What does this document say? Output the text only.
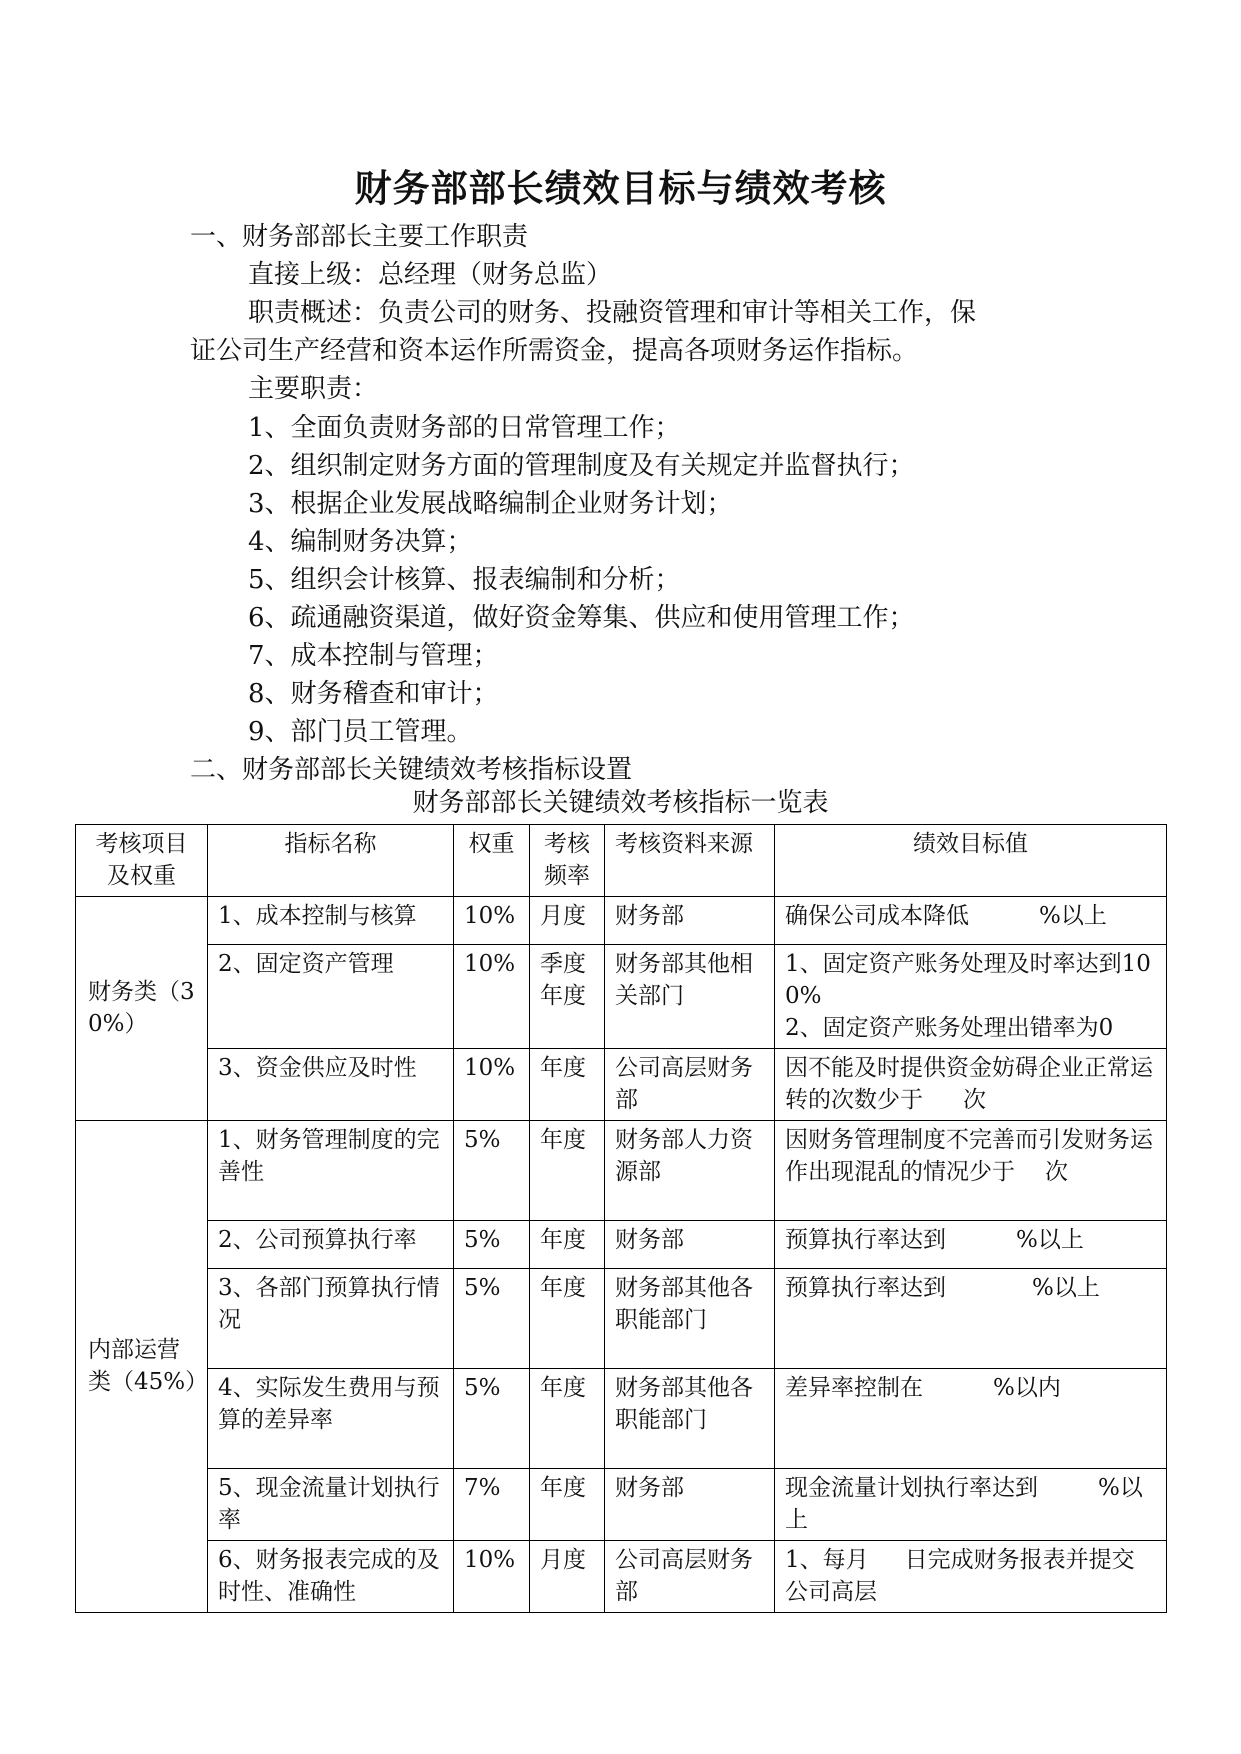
财务部部长绩效目标与绩效考核
一、财务部部长主要工作职责
直接上级：总经理（财务总监）
职责概述：负责公司的财务、投融资管理和审计等相关工作，保
证公司生产经营和资本运作所需资金，提高各项财务运作指标。
主要职责：
1、全面负责财务部的日常管理工作；
2、组织制定财务方面的管理制度及有关规定并监督执行；
3、根据企业发展战略编制企业财务计划；
4、编制财务决算；
5、组织会计核算、报表编制和分析；
6、疏通融资渠道，做好资金筹集、供应和使用管理工作；
7、成本控制与管理；
8、财务稽查和审计；
9、部门员工管理。
二、财务部部长关键绩效考核指标设置
财务部部长关键绩效考核指标一览表
考核项目及权重	指标名称	权重	考核频率	考核资料来源	绩效目标值
财务类（30%）	1、成本控制与核算	10%	月度	财务部	确保公司成本降低 %以上
	2、固定资产管理	10%	季度年度	财务部其他相关部门	1、固定资产账务处理及时率达到100%
2、固定资产账务处理出错率为0

	3、资金供应及时性	10%	年度	公司高层财务部	因不能及时提供资金妨碍企业正常运转的次数少于 次
内部运营类（45%）	1、财务管理制度的完善性	5%	年度	财务部人力资源部	因财务管理制度不完善而引发财务运作出现混乱的情况少于 次
	2、公司预算执行率	5%	年度	财务部	预算执行率达到 %以上
	3、各部门预算执行情况	5%	年度	财务部其他各职能部门	预算执行率达到 %以上
	4、实际发生费用与预算的差异率	5%	年度	财务部其他各职能部门	差异率控制在 %以内
	5、现金流量计划执行率	7%	年度	财务部	现金流量计划执行率达到 %以上
	6、财务报表完成的及时性、准确性	10%	月度	公司高层财务部	1、每月 日完成财务报表并提交公司高层
